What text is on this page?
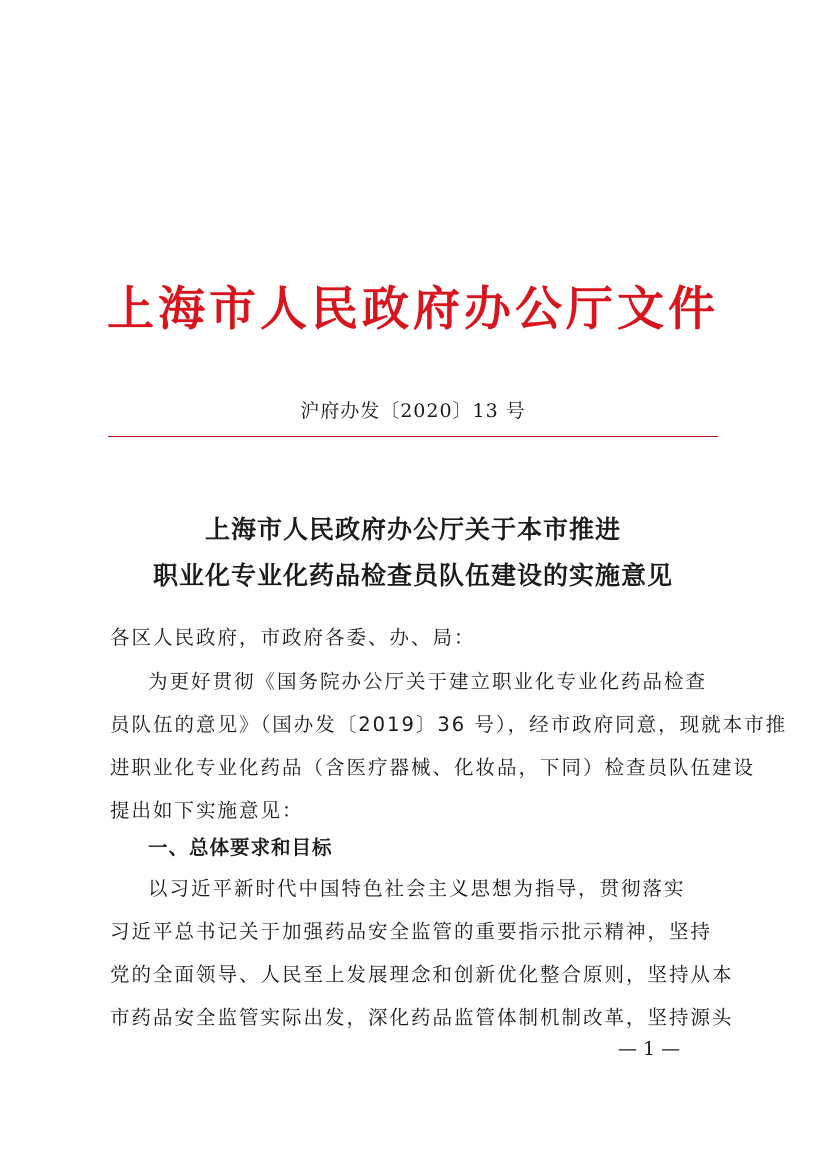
上海市人民政府办公厅文件
沪府办发〔2020〕13 号
上海市人民政府办公厅关于本市推进
职业化专业化药品检查员队伍建设的实施意见
各区人民政府，市政府各委、办、局：
为更好贯彻《国务院办公厅关于建立职业化专业化药品检查
员队伍的意见》（国办发〔2019〕36 号），经市政府同意，现就本市推
进职业化专业化药品（含医疗器械、化妆品，下同）检查员队伍建设
提出如下实施意见：
一、总体要求和目标
以习近平新时代中国特色社会主义思想为指导，贯彻落实
习近平总书记关于加强药品安全监管的重要指示批示精神，坚持
党的全面领导、人民至上发展理念和创新优化整合原则，坚持从本
市药品安全监管实际出发，深化药品监管体制机制改革，坚持源头
— 1 —
